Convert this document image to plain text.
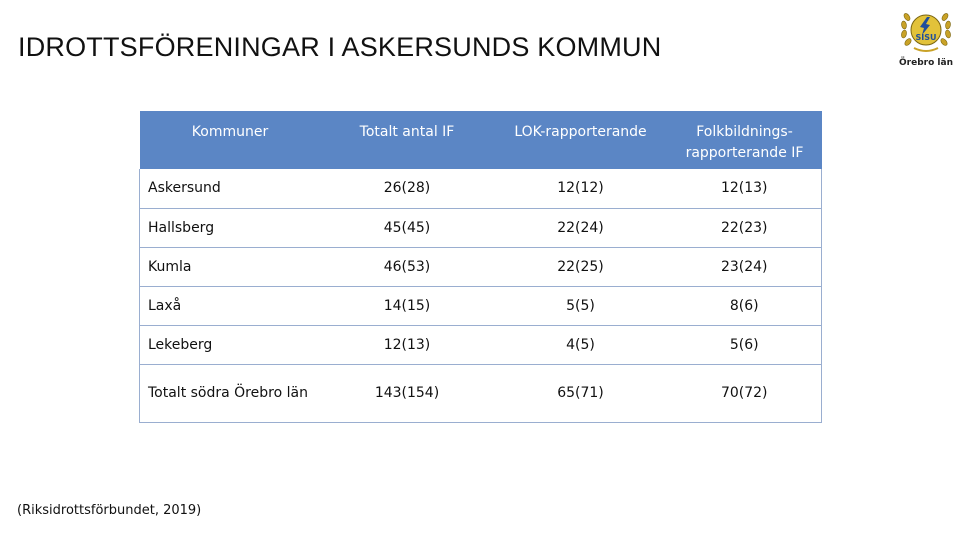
IDROTTSFÖRENINGAR I ASKERSUNDS KOMMUN	SISU
Örebro län
Kommuner	Totalt antal IF	LOK-rapporterande	Folkbildnings-rapporterande IF
Askersund	26(28)	12(12)	12(13)
Hallsberg	45(45)	22(24)	22(23)
Kumla	46(53)	22(25)	23(24)
Laxå	14(15)	5(5)	8(6)
Lekeberg	12(13)	4(5)	5(6)
Totalt södra Örebro län	143(154)	65(71)	70(72)
(Riksidrottsförbundet, 2019)
